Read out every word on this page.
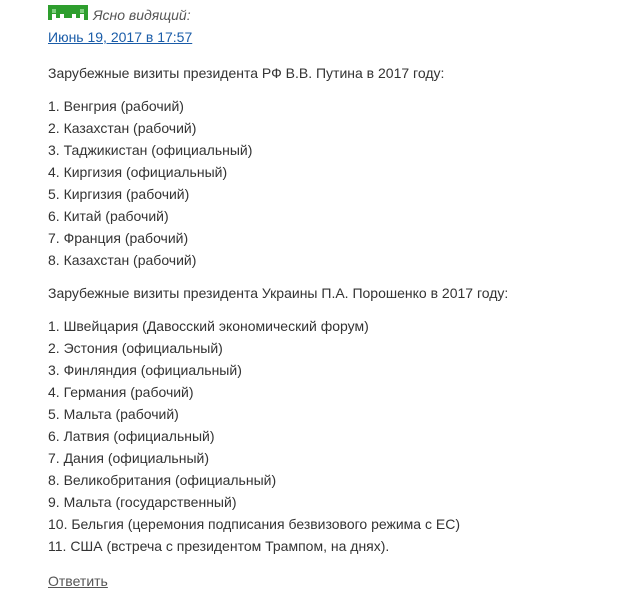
Ясно видящий:
Июнь 19, 2017 в 17:57

Зарубежные визиты президента РФ В.В. Путина в 2017 году:

1. Венгрия (рабочий)
2. Казахстан (рабочий)
3. Таджикистан (официальный)
4. Киргизия (официальный)
5. Киргизия (рабочий)
6. Китай (рабочий)
7. Франция (рабочий)
8. Казахстан (рабочий)

Зарубежные визиты президента Украины П.А. Порошенко в 2017 году:

1. Швейцария (Давосский экономический форум)
2. Эстония (официальный)
3. Финляндия (официальный)
4. Германия (рабочий)
5. Мальта (рабочий)
6. Латвия (официальный)
7. Дания (официальный)
8. Великобритания (официальный)
9. Мальта (государственный)
10. Бельгия (церемония подписания безвизового режима с ЕС)
11. США (встреча с президентом Трампом, на днях).
Ответить
